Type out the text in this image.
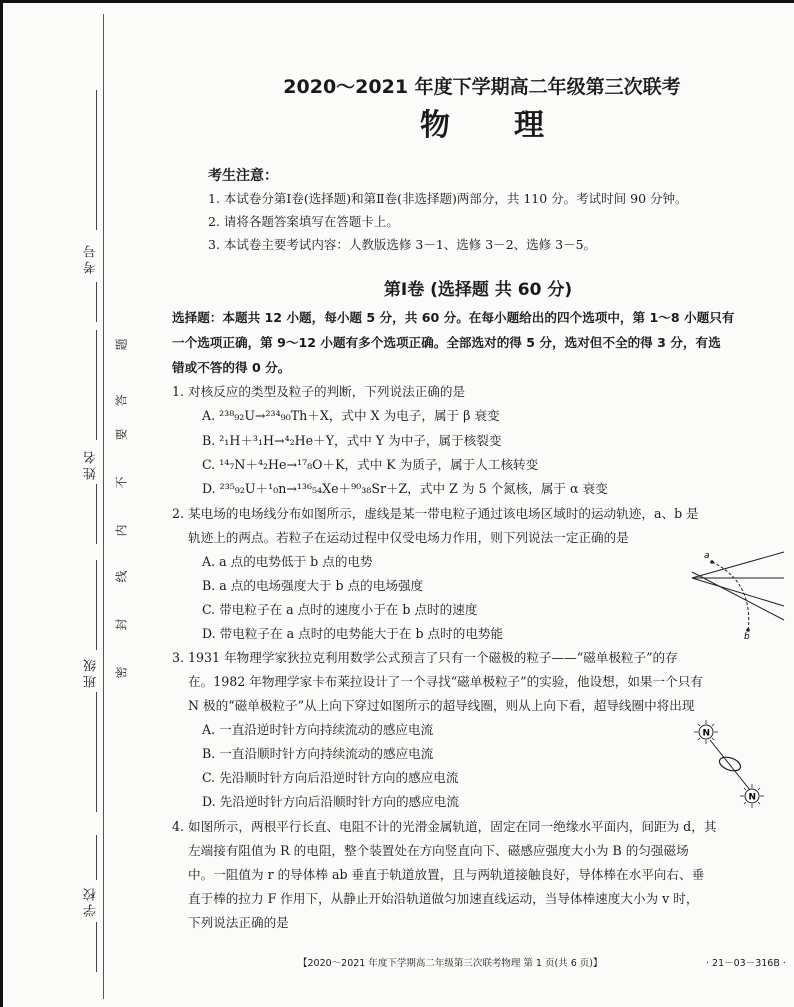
考号
姓名
班级
学校
题
答
要
不
内
线
封
密
2020～2021 年度下学期高二年级第三次联考
物理
考生注意：
1. 本试卷分第Ⅰ卷(选择题)和第Ⅱ卷(非选择题)两部分，共 110 分。考试时间 90 分钟。
2. 请将各题答案填写在答题卡上。
3. 本试卷主要考试内容：人教版选修 3－1、选修 3－2、选修 3－5。
第Ⅰ卷 (选择题 共 60 分)
选择题：本题共 12 小题，每小题 5 分，共 60 分。在每小题给出的四个选项中，第 1～8 小题只有
一个选项正确，第 9～12 小题有多个选项正确。全部选对的得 5 分，选对但不全的得 3 分，有选
错或不答的得 0 分。
1. 对核反应的类型及粒子的判断，下列说法正确的是
A. ²³⁸₉₂U→²³⁴₉₀Th＋X，式中 X 为电子，属于 β 衰变
B. ²₁H＋³₁H→⁴₂He＋Y，式中 Y 为中子，属于核裂变
C. ¹⁴₇N＋⁴₂He→¹⁷₈O＋K，式中 K 为质子，属于人工核转变
D. ²³⁵₉₂U＋¹₀n→¹³⁶₅₄Xe＋⁹⁰₃₈Sr＋Z，式中 Z 为 5 个氮核，属于 α 衰变
2. 某电场的电场线分布如图所示，虚线是某一带电粒子通过该电场区域时的运动轨迹，a、b 是
轨迹上的两点。若粒子在运动过程中仅受电场力作用，则下列说法一定正确的是
A. a 点的电势低于 b 点的电势
B. a 点的电场强度大于 b 点的电场强度
C. 带电粒子在 a 点时的速度小于在 b 点时的速度
D. 带电粒子在 a 点时的电势能大于在 b 点时的电势能
3. 1931 年物理学家狄拉克利用数学公式预言了只有一个磁极的粒子——“磁单极粒子”的存
在。1982 年物理学家卡布莱拉设计了一个寻找“磁单极粒子”的实验，他设想，如果一个只有
N 极的“磁单极粒子”从上向下穿过如图所示的超导线圈，则从上向下看，超导线圈中将出现
A. 一直沿逆时针方向持续流动的感应电流
B. 一直沿顺时针方向持续流动的感应电流
C. 先沿顺时针方向后沿逆时针方向的感应电流
D. 先沿逆时针方向后沿顺时针方向的感应电流
4. 如图所示，两根平行长直、电阻不计的光滑金属轨道，固定在同一绝缘水平面内，间距为 d，其
左端接有阻值为 R 的电阻，整个装置处在方向竖直向下、磁感应强度大小为 B 的匀强磁场
中。一阻值为 r 的导体棒 ab 垂直于轨道放置，且与两轨道接触良好，导体棒在水平向右、垂
直于棒的拉力 F 作用下，从静止开始沿轨道做匀加速直线运动，当导体棒速度大小为 v 时，
下列说法正确的是
a
b
N
N
【2020～2021 年度下学期高二年级第三次联考物理 第 1 页(共 6 页)】	· 21－03－316B ·
